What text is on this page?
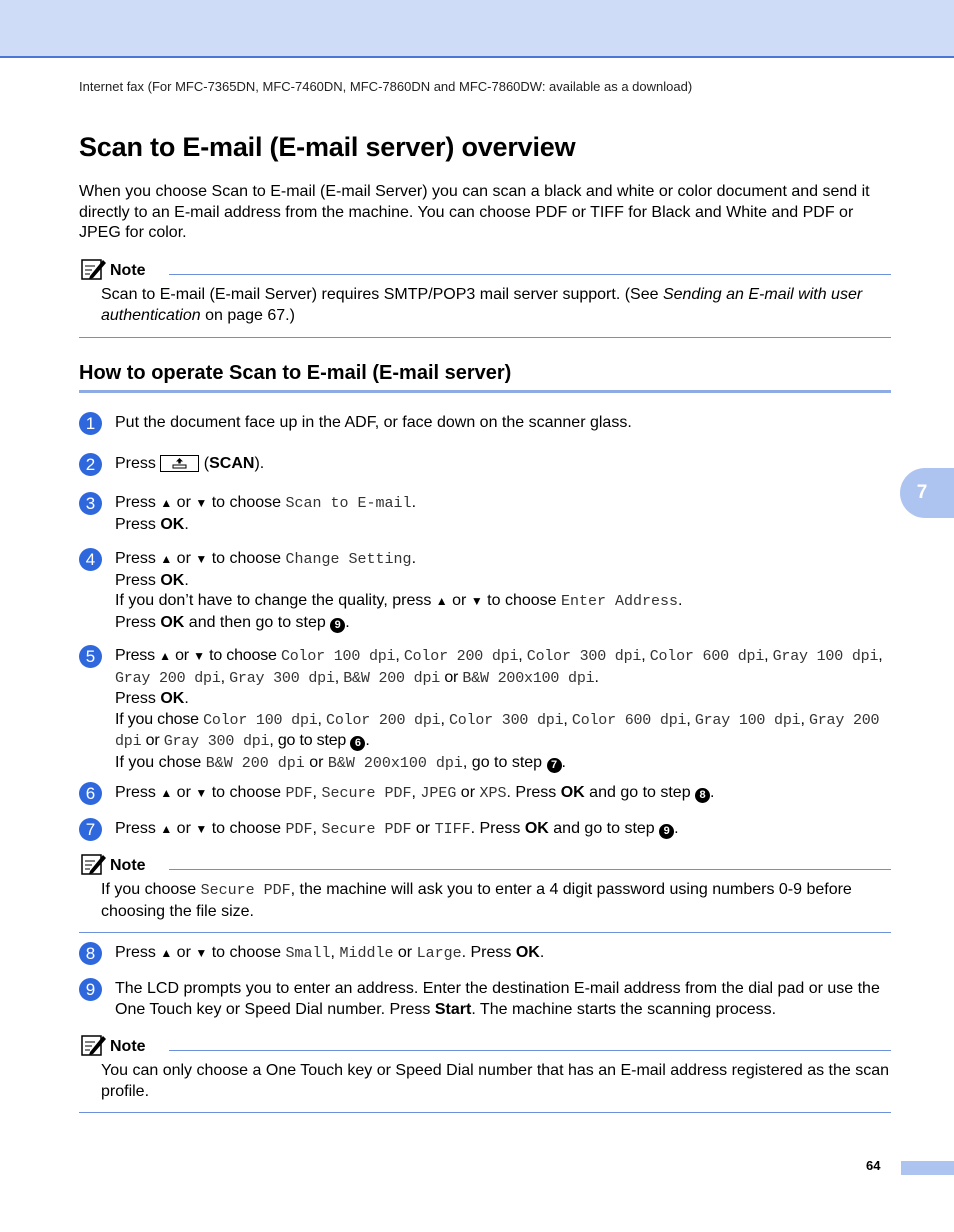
Internet fax (For MFC-7365DN, MFC-7460DN, MFC-7860DN and MFC-7860DW: available as a download)
Scan to E-mail (E-mail server) overview

When you choose Scan to E-mail (E-mail Server) you can scan a black and white or color document and send it directly to an E-mail address from the machine. You can choose PDF or TIFF for Black and White and PDF or JPEG for color.

Note
Scan to E-mail (E-mail Server) requires SMTP/POP3 mail server support. (See Sending an E-mail with user authentication on page 67.)
How to operate Scan to E-mail (E-mail server)
1	Put the document face up in the ADF, or face down on the scanner glass.
2	Press
(SCAN).
3	Press ▲ or ▼ to choose Scan to E-mail.
Press OK.
4	Press ▲ or ▼ to choose Change Setting.
Press OK.
If you don’t have to change the quality, press ▲ or ▼ to choose Enter Address.
Press OK and then go to step 9 .
5	Press ▲ or ▼ to choose Color 100 dpi, Color 200 dpi, Color 300 dpi, Color 600 dpi, Gray 100 dpi, Gray 200 dpi, Gray 300 dpi, B&W 200 dpi or B&W 200x100 dpi.
Press OK.
If you chose Color 100 dpi, Color 200 dpi, Color 300 dpi, Color 600 dpi, Gray 100 dpi, Gray 200 dpi or Gray 300 dpi, go to step 6 .
If you chose B&W 200 dpi or B&W 200x100 dpi, go to step 7 .
6	Press ▲ or ▼ to choose PDF, Secure PDF, JPEG or XPS. Press OK and go to step 8 .
7	Press ▲ or ▼ to choose PDF, Secure PDF or TIFF. Press OK and go to step 9 .
Note
If you choose Secure PDF, the machine will ask you to enter a 4 digit password using numbers 0-9 before choosing the file size.
8	Press ▲ or ▼ to choose Small, Middle or Large. Press OK.
9	The LCD prompts you to enter an address. Enter the destination E-mail address from the dial pad or use the One Touch key or Speed Dial number. Press Start. The machine starts the scanning process.
Note
You can only choose a One Touch key or Speed Dial number that has an E-mail address registered as the scan profile.
7
64
